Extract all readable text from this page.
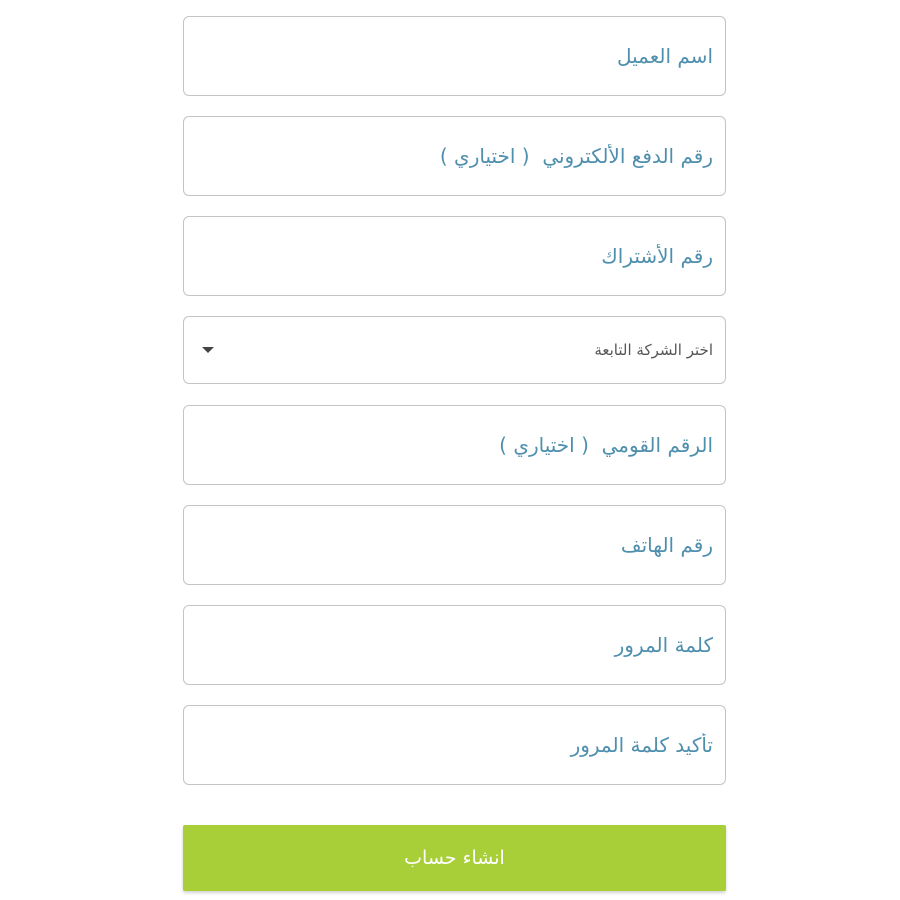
اسم العميل
رقم الدفع الألكتروني ( اختياري )
رقم الأشتراك
اختر الشركة التابعة
الرقم القومي ( اختياري )
رقم الهاتف
انشاء حساب
